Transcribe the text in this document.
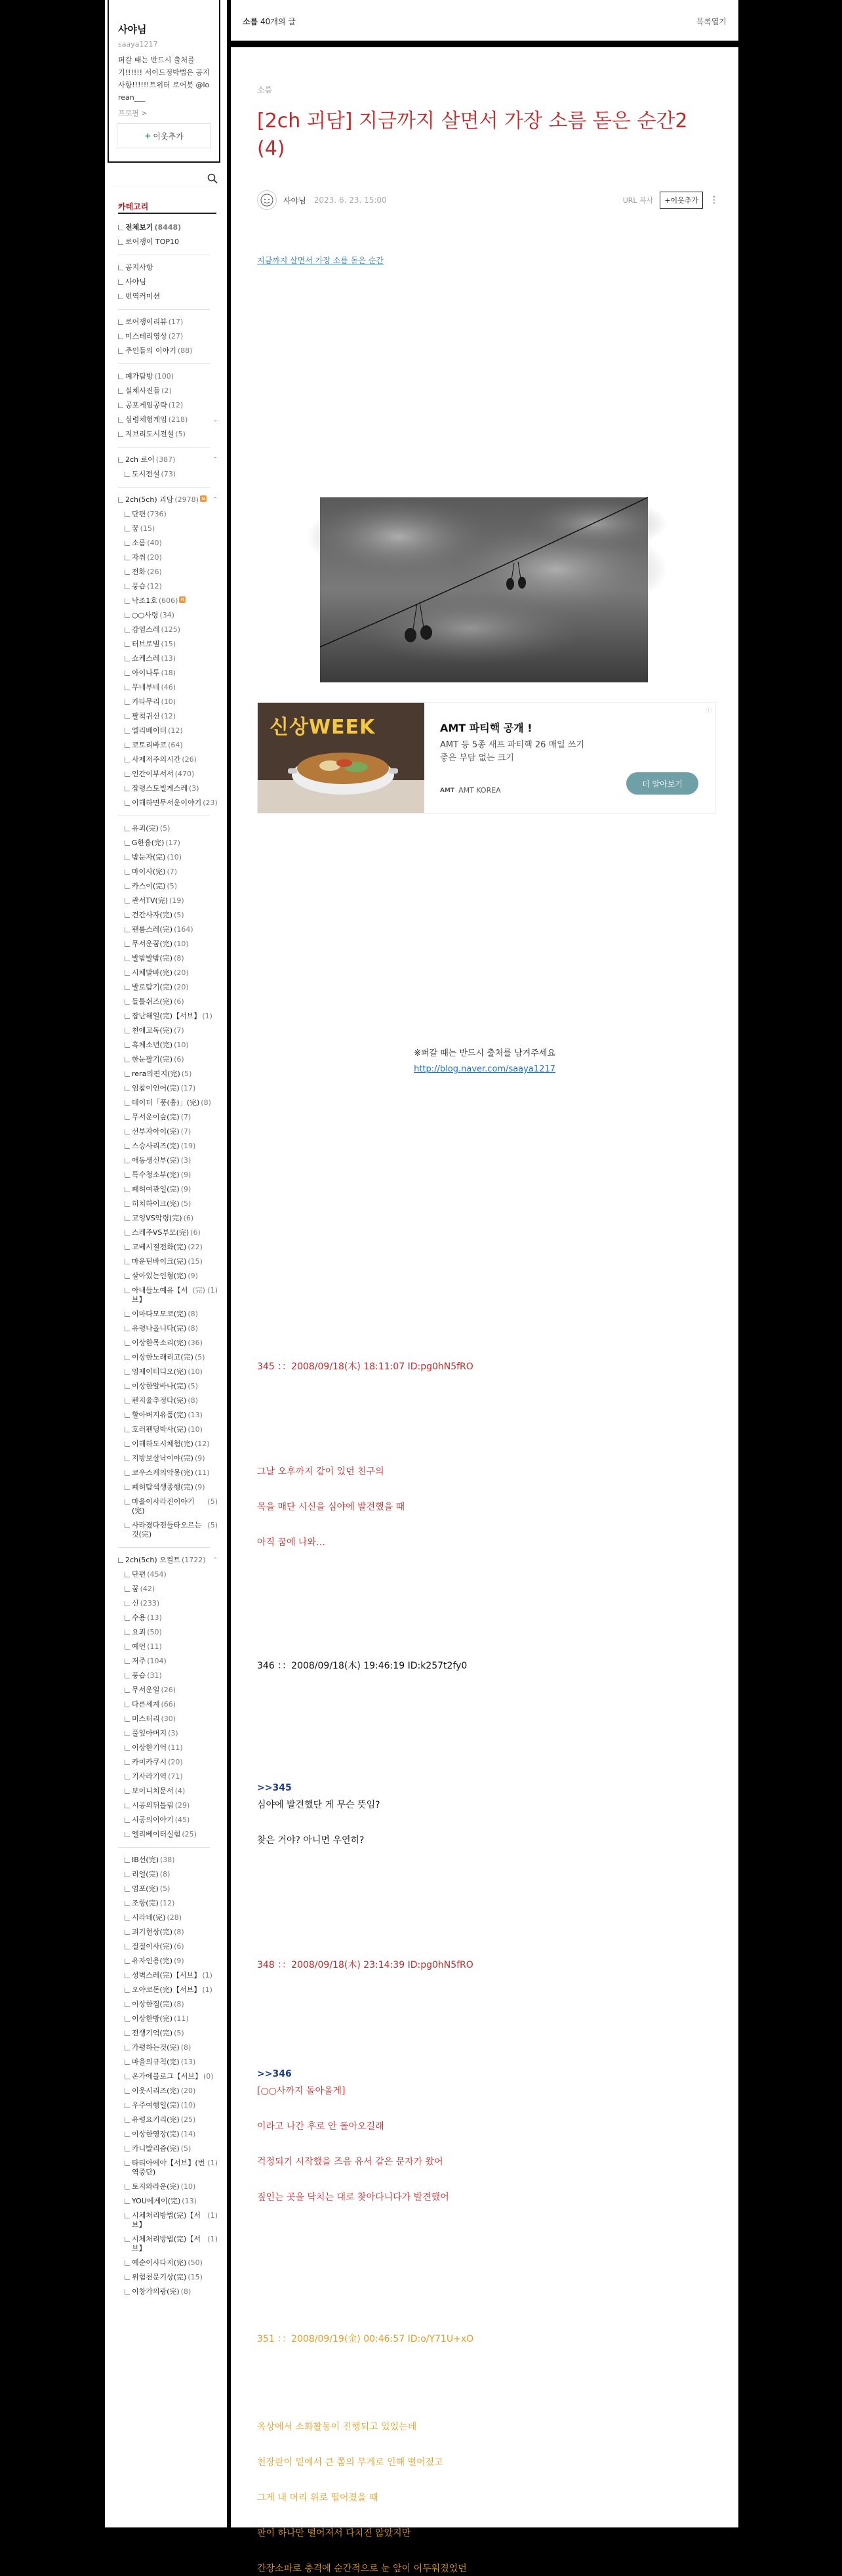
사야님
saaya1217
퍼갈 때는 반드시 출처를 기!!!!!! 서이드정박법은 공지사항!!!!!!트위터 로어봇 @lorean___
프로필 >
+ 이웃추가
카테고리
전체보기 (8448)
로어쟁이 TOP10
공지사항
사야님
번역커미션
로어쟁이리뷰 (17)
미스테리영상 (27)
주인들의 이야기 (88)
폐가탐방 (100)
실체사진들 (2)
공포게임공략 (12)
심령체험게임 (218)	⌄
지브리도시전설 (5)
2ch 로어 (387)	⌃
도시전설 (73)
2ch(5ch) 괴담 (2978) N	⌃
단편 (736)
꿈 (15)
소름 (40)
자취 (20)
전화 (26)
풍습 (12)
낙조1호 (606) N
○○사령 (34)
감염스레 (125)
터브로벌 (15)
쇼케스레 (13)
아이나투 (18)
무네부네 (46)
카타무리 (10)
팔척귀신 (12)
엘리베이터 (12)
코토리바코 (64)
사제저주의시간 (26)
인간이부서서 (470)
잡령스토빌게스레 (3)
이해하면무서운이야기 (23)
유괴(完) (5)
G한흉(完) (17)
밤눈자(完) (10)
마이사(完) (7)
카스이(完) (5)
관서TV(完) (19)
건간사자(完) (5)
팬룸스레(完) (164)
무서운꿈(完) (10)
발밤발밤(完) (8)
시체말바(完) (20)
발로탐기(完) (20)
들틀쉬즈(完) (6)
잡난해일(完)【서브】 (1)
천애고독(完) (7)
흑체소년(完) (10)
한눈팔기(完) (6)
rera의편지(完) (5)
임참이인어(完) (17)
데이더「풍(흉)」(完) (8)
무서운이숲(完) (7)
선부자아이(完) (7)
스승사리즈(完) (19)
애동생신부(完) (3)
특수청소부(完) (9)
폐허여관일(完) (9)
히치하이크(完) (5)
고잉VS악령(完) (6)
스레주VS부모(完) (6)
고베시절전화(完) (22)
마운틴바이크(完) (15)
살아있는인형(完) (9)
아내들노예유【서브】
(完) (1)
이마다모모코(完) (8)
유령나올니다(完) (8)
이상한목소리(完) (36)
이상한노래리고(完) (5)
영제이터디오(完) (10)
이상한알바나(完) (5)
펜지율추정다(完) (8)
할아버지유품(完) (13)
호러펜딩박사(完) (10)
이해하도시체험(完) (12)
지방보살낙이야(完) (9)
코우스케의악몽(完) (11)
폐허탐색생종행(完) (9)
마을이사라진이야기(完)
(5)
사라졌다전들타오르는것(完)
(5)
2ch(5ch) 오컬트 (1722)	⌃
단편 (454)
꿈 (42)
신 (233)
수용 (13)
요괴 (50)
예언 (11)
저주 (104)
풍습 (31)
무서운일 (26)
다른세계 (66)
미스터리 (30)
풀잎아버지 (3)
이상한기억 (11)
카미카쿠시 (20)
기사라기역 (71)
보이니치문서 (4)
시공의뒤틀림 (29)
시공의이야기 (45)
엘리베이터실험 (25)
IB선(完) (38)
리얼(完) (8)
엄포(完) (5)
조항(完) (12)
시라네(完) (28)
괴기현상(完) (8)
절절이사(完) (6)
유자인용(完) (9)
성벽스레(完)【서브】 (1)
오야코돈(完)【서브】 (1)
이상한집(完) (8)
이상한방(完) (11)
전생기억(完) (5)
가평하는것(完) (8)
마을의규칙(完) (13)
온가에블로그【서브】 (0)
이웃시리즈(完) (20)
우주여행일(完) (10)
유령요키리(完) (25)
이상한영장(完) (14)
카니발리즘(完) (5)
타티아에야【서브】(번역중단)
(1)
토지와라운(完) (10)
YOU에게이(完) (13)
시체처리방법(完)【서브】
(1)
시체처리방법(完)【서브】
(1)
예순이사다지(完) (50)
위험천문기상(完) (15)
이창가의광(完) (8)
소름 40개의 글	목록열기
소름
[2ch 괴담] 지금까지 살면서 가장 소름 돋은 순간2 (4)
사야님 2023. 6. 23. 15:00	URL 복사	+이웃추가	⋮
지금까지 살면서 가장 소름 돋은 순간
신상WEEK	AMT 파티핵 공개 !
AMT 등 5종 새프 파티핵 26 매일 쓰기 좋은 부담 없는 크기
AMT AMT KOREA
더 알아보기
ⓘ
※퍼갈 때는 반드시 출처를 남겨주세요
http://blog.naver.com/saaya1217
345 ：：2008/09/18(木) 18:11:07 ID:pg0hN5fRO
그날 오후까지 같이 있던 친구의
목을 매단 시신을 심야에 발견했을 때
아직 꿈에 나와…
346 ：：2008/09/18(木) 19:46:19 ID:k257t2fy0
>>345
심야에 발견했단 게 무슨 뜻임?
찾은 거야? 아니면 우연히?
348 ：：2008/09/18(木) 23:14:39 ID:pg0hN5fRO
>>346
[○○사까지 돌아올게]
이라고 나간 후로 안 돌아오길래
걱정되기 시작했을 즈음 유서 같은 문자가 왔어
짚인는 곳을 닥치는 대로 찾아다니다가 발견했어
351 ：：2008/09/19(金) 00:46:57 ID:o/Y71U+xO
옥상에서 소화활동이 진행되고 있었는데
천장판이 밑에서 큰 쫌의 무게로 인해 떨어졌고
그게 내 머리 위로 떨어졌을 때
판이 하나만 떨어져서 다치진 않았지만
간장소파로 충격에 순간적으로 눈 앞이 어두워졌었던
